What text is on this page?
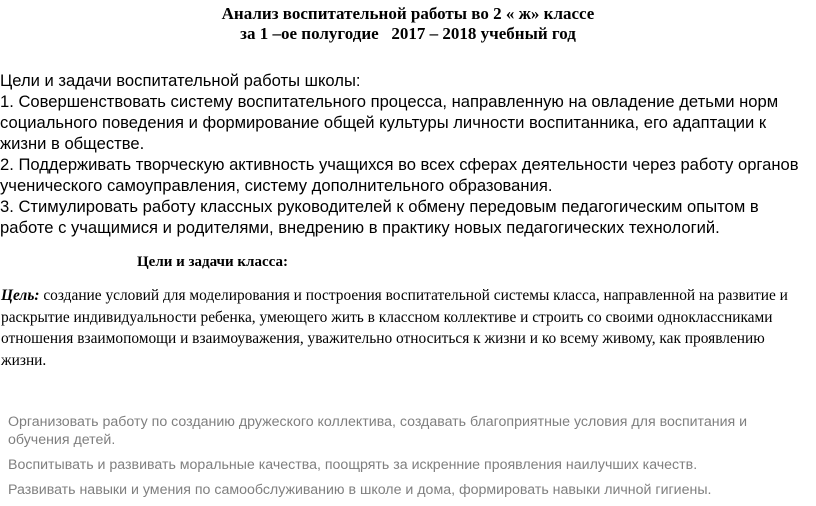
Анализ воспитательной работы во 2 « ж» классе
за 1 –ое полугодие   2017 – 2018 учебный год

Цели и задачи воспитательной работы школы:

1. Совершенствовать систему воспитательного процесса, направленную на овладение детьми норм социального поведения и формирование общей культуры личности воспитанника, его адаптации к жизни в обществе.

2. Поддерживать творческую активность учащихся во всех сферах деятельности через работу органов ученического самоуправления, систему дополнительного образования.

3. Стимулировать работу классных руководителей к обмену передовым педагогическим опытом в работе с учащимися и родителями, внедрению в практику новых педагогических технологий.

Цели и задачи класса:
Цель: создание условий для моделирования и построения воспитательной системы класса, направленной на развитие и раскрытие индивидуальности ребенка, умеющего жить в классном коллективе и строить со своими одноклассниками отношения взаимопомощи и взаимоуважения, уважительно относиться к жизни и ко всему живому, как проявлению жизни.
Организовать работу по созданию дружеского коллектива, создавать благоприятные условия для воспитания и обучения детей.
Воспитывать и развивать моральные качества, поощрять за искренние проявления наилучших качеств.
Развивать навыки и умения по самообслуживанию в школе и дома, формировать навыки личной гигиены.
